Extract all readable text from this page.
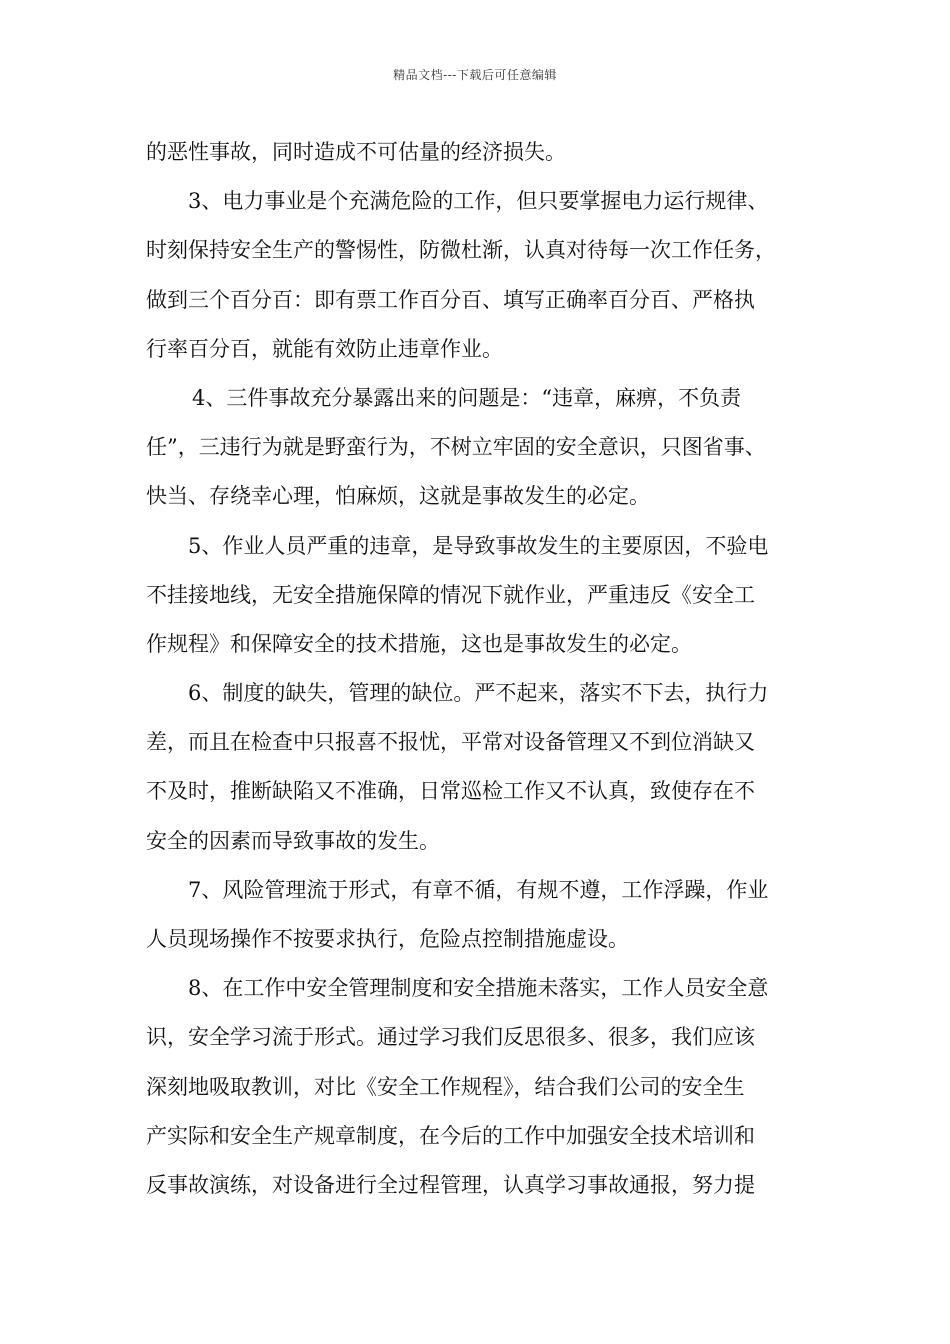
精品文档---下载后可任意编辑
的恶性事故，同时造成不可估量的经济损失。
3、电力事业是个充满危险的工作，但只要掌握电力运行规律、
时刻保持安全生产的警惕性，防微杜渐，认真对待每一次工作任务，
做到三个百分百：即有票工作百分百、填写正确率百分百、严格执
行率百分百，就能有效防止违章作业。
4、三件事故充分暴露出来的问题是：“违章，麻痹，不负责
任”，三违行为就是野蛮行为，不树立牢固的安全意识，只图省事、
快当、存绕幸心理，怕麻烦，这就是事故发生的必定。
5、作业人员严重的违章，是导致事故发生的主要原因，不验电
不挂接地线，无安全措施保障的情况下就作业，严重违反《安全工
作规程》和保障安全的技术措施，这也是事故发生的必定。
6、制度的缺失，管理的缺位。严不起来，落实不下去，执行力
差，而且在检查中只报喜不报忧，平常对设备管理又不到位消缺又
不及时，推断缺陷又不准确，日常巡检工作又不认真，致使存在不
安全的因素而导致事故的发生。
7、风险管理流于形式，有章不循，有规不遵，工作浮躁，作业
人员现场操作不按要求执行，危险点控制措施虚设。
8、在工作中安全管理制度和安全措施未落实，工作人员安全意
识，安全学习流于形式。通过学习我们反思很多、很多，我们应该
深刻地吸取教训，对比《安全工作规程》，结合我们公司的安全生
产实际和安全生产规章制度，在今后的工作中加强安全技术培训和
反事故演练，对设备进行全过程管理，认真学习事故通报，努力提
